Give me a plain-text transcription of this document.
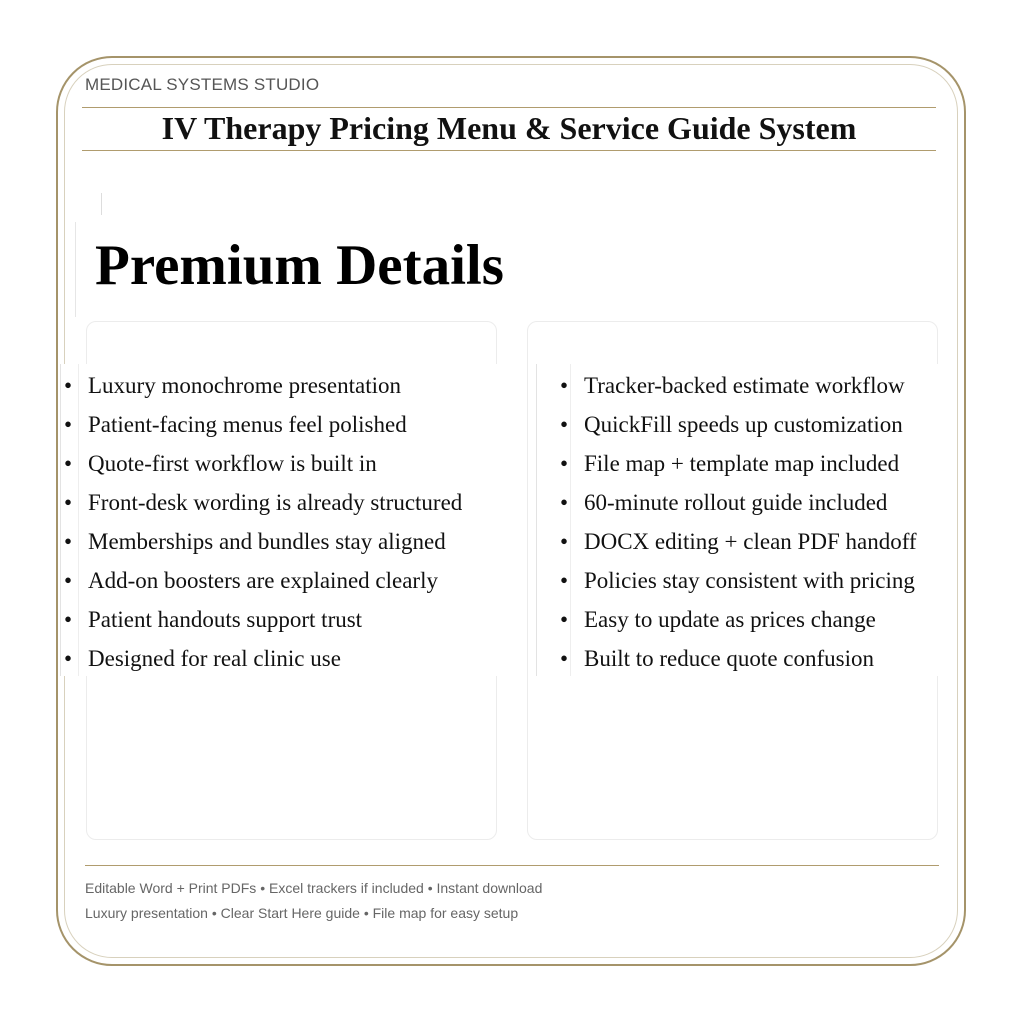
MEDICAL SYSTEMS STUDIO
IV Therapy Pricing Menu & Service Guide System
Premium Details
• Luxury monochrome presentation
• Patient-facing menus feel polished
• Quote-first workflow is built in
• Front-desk wording is already structured
• Memberships and bundles stay aligned
• Add-on boosters are explained clearly
• Patient handouts support trust
• Designed for real clinic use
• Tracker-backed estimate workflow
• QuickFill speeds up customization
• File map + template map included
• 60-minute rollout guide included
• DOCX editing + clean PDF handoff
• Policies stay consistent with pricing
• Easy to update as prices change
• Built to reduce quote confusion
Editable Word + Print PDFs • Excel trackers if included • Instant download
Luxury presentation • Clear Start Here guide • File map for easy setup
